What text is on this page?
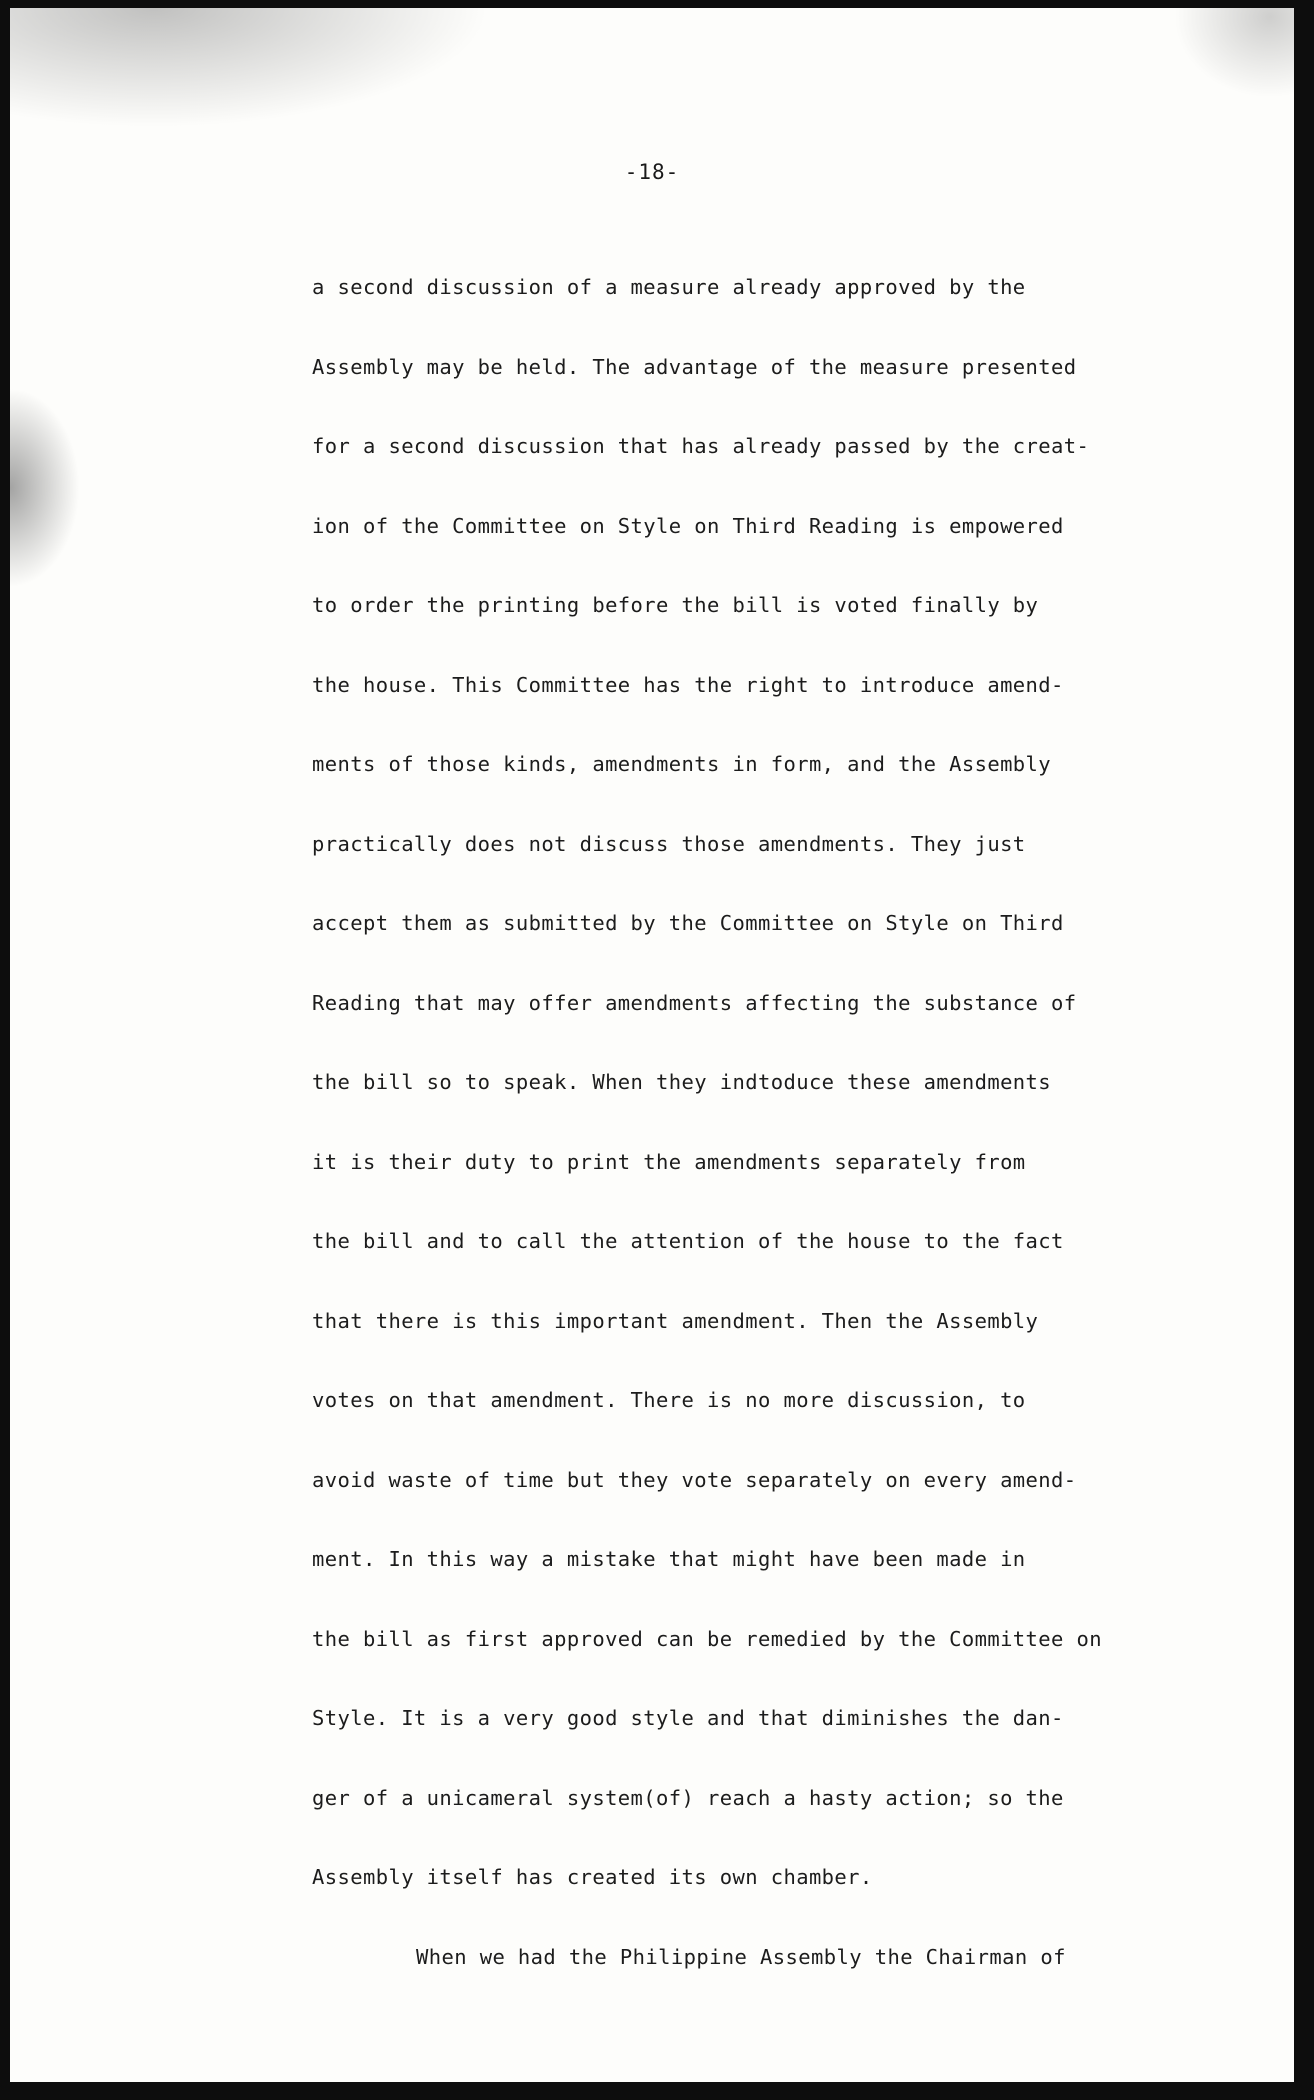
-18-
a second discussion of a measure already approved by the
Assembly may be held. The advantage of the measure presented
for a second discussion that has already passed by the creat-
ion of the Committee on Style on Third Reading is empowered
to order the printing before the bill is voted finally by
the house. This Committee has the right to introduce amend-
ments of those kinds, amendments in form, and the Assembly
practically does not discuss those amendments. They just
accept them as submitted by the Committee on Style on Third
Reading that may offer amendments affecting the substance of
the bill so to speak. When they indtoduce these amendments
it is their duty to print the amendments separately from
the bill and to call the attention of the house to the fact
that there is this important amendment. Then the Assembly
votes on that amendment. There is no more discussion, to
avoid waste of time but they vote separately on every amend-
ment. In this way a mistake that might have been made in
the bill as first approved can be remedied by the Committee on
Style. It is a very good style and that diminishes the dan-
ger of a unicameral system(of) reach a hasty action; so the
Assembly itself has created its own chamber.
When we had the Philippine Assembly the Chairman of
